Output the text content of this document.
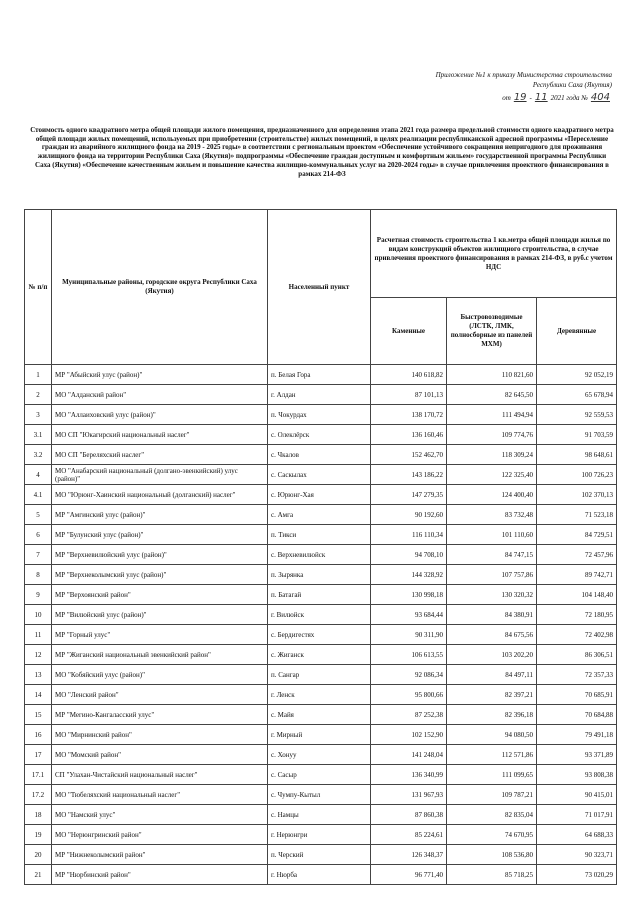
Приложение №1 к приказу Министерства строительства
Республики Саха (Якутия)
от 19 - 11 2021 года № 404
Стоимость одного квадратного метра общей площади жилого помещения, предназначенного для определения этапа 2021 года размера предельной стоимости одного квадратного метра общей площади жилых помещений, используемых при приобретении (строительстве) жилых помещений, в целях реализации республиканской адресной программы «Переселение граждан из аварийного жилищного фонда на 2019 - 2025 годы» в соответствии с региональным проектом «Обеспечение устойчивого сокращения непригодного для проживания жилищного фонда на территории Республики Саха (Якутия)» подпрограммы «Обеспечение граждан доступным и комфортным жильем» государственной программы Республики Саха (Якутия) «Обеспечение качественным жильем и повышение качества жилищно-коммунальных услуг на 2020-2024 годы» в случае привлечения проектного финансирования в рамках 214-ФЗ
№ п/п	Муниципальные районы, городские округа Республики Саха (Якутия)	Населенный пункт	Расчетная стоимость строительства 1 кв.метра общей площади жилья по видам конструкций объектов жилищного строительства, в случае привлечения проектного финансирования в рамках 214-ФЗ, в руб.с учетом НДС		
			Каменные	Быстровозводимые (ЛСТК, ЛМК, полносборные из панелей МХМ)	Деревянные
1	МР "Абыйский улус (район)"	п. Белая Гора	140 618,82	110 821,60	92 052,19
2	МО "Алданский район"	г. Алдан	87 101,13	82 645,50	65 678,94
3	МО "Аллаиховский улус (район)"	п. Чокурдах	138 170,72	111 494,94	92 559,53
3.1	МО СП "Юкагирский национальный наслег"	с. Олеклёрск	136 160,46	109 774,76	91 703,59
3.2	МО СП "Береляхский наслег"	с. Чкалов	152 462,70	118 309,24	98 648,61
4	МО "Анабарский национальный (долгано-эвенкийский) улус (район)"	с. Саскылах	143 186,22	122 325,40	100 726,23
4.1	МО "Юрюнг-Хаинский национальный (долганский) наслег"	с. Юрюнг-Хая	147 279,35	124 400,40	102 370,13
5	МР "Амгинский улус (район)"	с. Амга	90 192,60	83 732,48	71 523,18
6	МР "Булунский улус (район)"	п. Тикси	116 110,34	101 110,60	84 729,51
7	МР "Верхневилюйский улус (район)"	с. Верхневилюйск	94 708,10	84 747,15	72 457,96
8	МР "Верхнеколымский улус (район)"	п. Зырянка	144 328,92	107 757,86	89 742,71
9	МР "Верхоянский район"	п. Батагай	130 998,18	130 320,32	104 148,40
10	МР "Вилюйский улус (район)"	г. Вилюйск	93 684,44	84 380,91	72 180,95
11	МР "Горный улус"	с. Бердигестях	90 311,90	84 675,56	72 402,98
12	МР "Жиганский национальный эвенкийский район"	с. Жиганск	106 613,55	103 202,20	86 306,51
13	МО "Кобяйский улус (район)"	п. Сангар	92 086,34	84 497,11	72 357,33
14	МО "Ленский район"	г. Ленск	95 800,66	82 397,21	70 685,91
15	МР "Мегино-Кангаласский улус"	с. Майя	87 252,38	82 396,18	70 684,88
16	МО "Мирнинский район"	г. Мирный	102 152,90	94 080,50	79 491,18
17	МО "Момский район"	с. Хонуу	141 248,04	112 571,86	93 371,89
17.1	СП "Улахан-Чистайский национальный наслег"	с. Сасыр	136 340,99	111 099,65	93 808,38
17.2	МО "Тюбеляхский национальный наслег"	с. Чумпу-Кытыл	131 967,93	109 787,21	90 415,01
18	МО "Намский улус"	с. Намцы	87 860,38	82 835,04	71 017,91
19	МО "Нерюнгринский район"	г. Нерюнгри	85 224,61	74 670,95	64 688,33
20	МР "Нижнеколымский район"	п. Черский	126 348,37	108 536,80	90 323,71
21	МР "Нюрбинский район"	г. Нюрба	96 771,40	85 718,25	73 020,29
